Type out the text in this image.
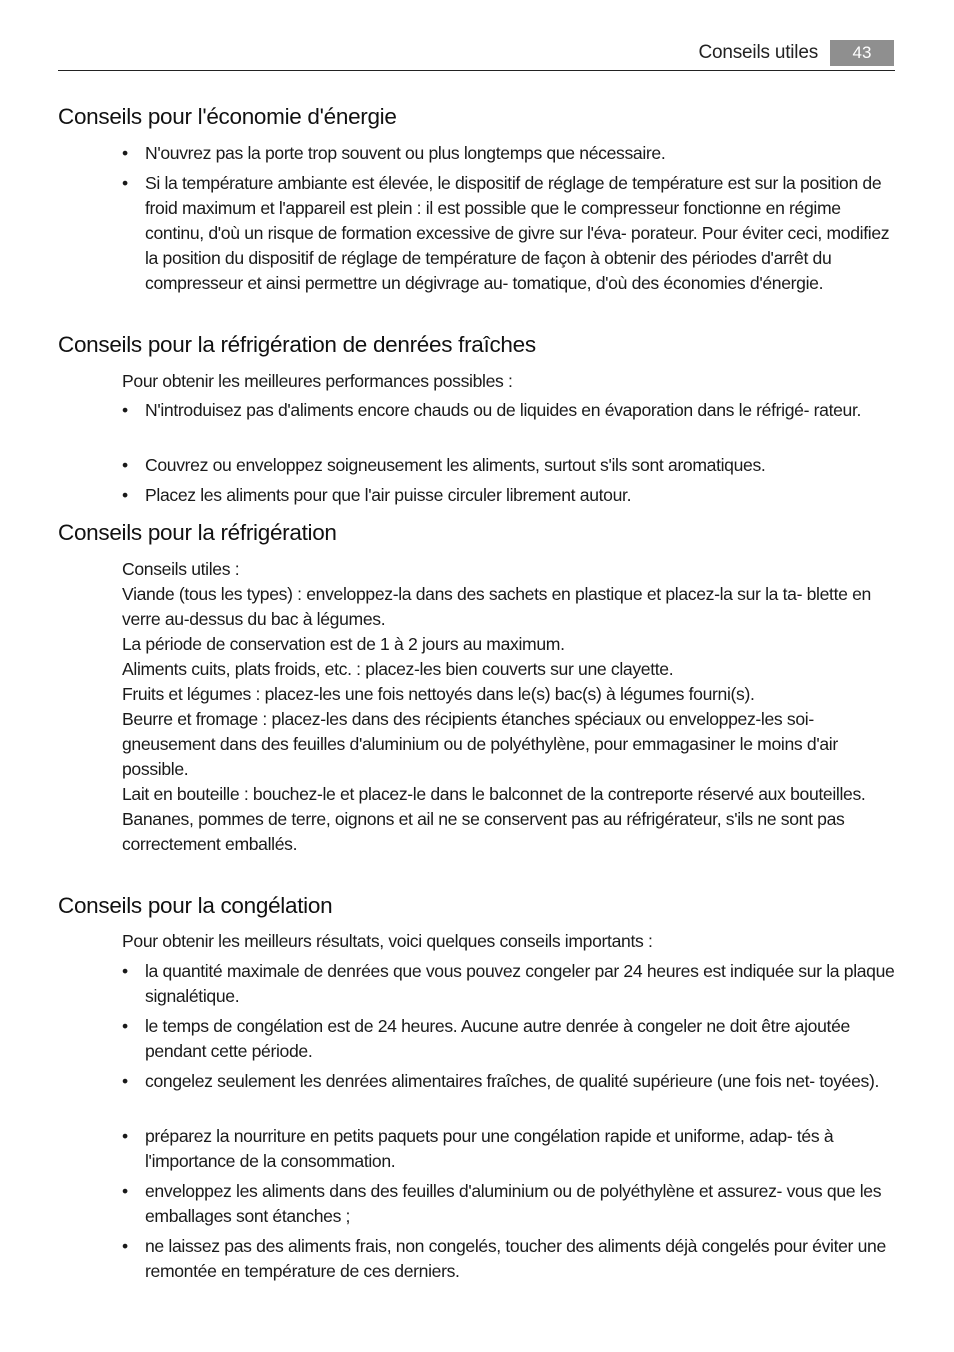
Conseils utiles	43
Conseils pour l'économie d'énergie
• N'ouvrez pas la porte trop souvent ou plus longtemps que nécessaire.
• Si la température ambiante est élevée, le dispositif de réglage de température est sur la position de froid maximum et l'appareil est plein : il est possible que le compresseur fonctionne en régime continu, d'où un risque de formation excessive de givre sur l'éva- porateur. Pour éviter ceci, modifiez la position du dispositif de réglage de température de façon à obtenir des périodes d'arrêt du compresseur et ainsi permettre un dégivrage au- tomatique, d'où des économies d'énergie.
Conseils pour la réfrigération de denrées fraîches
Pour obtenir les meilleures performances possibles :
• N'introduisez pas d'aliments encore chauds ou de liquides en évaporation dans le réfrigé- rateur.
• Couvrez ou enveloppez soigneusement les aliments, surtout s'ils sont aromatiques.
• Placez les aliments pour que l'air puisse circuler librement autour.
Conseils pour la réfrigération
Conseils utiles :
Viande (tous les types) : enveloppez-la dans des sachets en plastique et placez-la sur la ta- blette en verre au-dessus du bac à légumes.
La période de conservation est de 1 à 2 jours au maximum.
Aliments cuits, plats froids, etc. : placez-les bien couverts sur une clayette.
Fruits et légumes : placez-les une fois nettoyés dans le(s) bac(s) à légumes fourni(s).
Beurre et fromage : placez-les dans des récipients étanches spéciaux ou enveloppez-les soi- gneusement dans des feuilles d'aluminium ou de polyéthylène, pour emmagasiner le moins d'air possible.
Lait en bouteille : bouchez-le et placez-le dans le balconnet de la contreporte réservé aux bouteilles.
Bananes, pommes de terre, oignons et ail ne se conservent pas au réfrigérateur, s'ils ne sont pas correctement emballés.
Conseils pour la congélation
Pour obtenir les meilleurs résultats, voici quelques conseils importants :
• la quantité maximale de denrées que vous pouvez congeler par 24 heures est indiquée sur la plaque signalétique.
• le temps de congélation est de 24 heures. Aucune autre denrée à congeler ne doit être ajoutée pendant cette période.
• congelez seulement les denrées alimentaires fraîches, de qualité supérieure (une fois net- toyées).
• préparez la nourriture en petits paquets pour une congélation rapide et uniforme, adap- tés à l'importance de la consommation.
• enveloppez les aliments dans des feuilles d'aluminium ou de polyéthylène et assurez- vous que les emballages sont étanches ;
• ne laissez pas des aliments frais, non congelés, toucher des aliments déjà congelés pour éviter une remontée en température de ces derniers.
